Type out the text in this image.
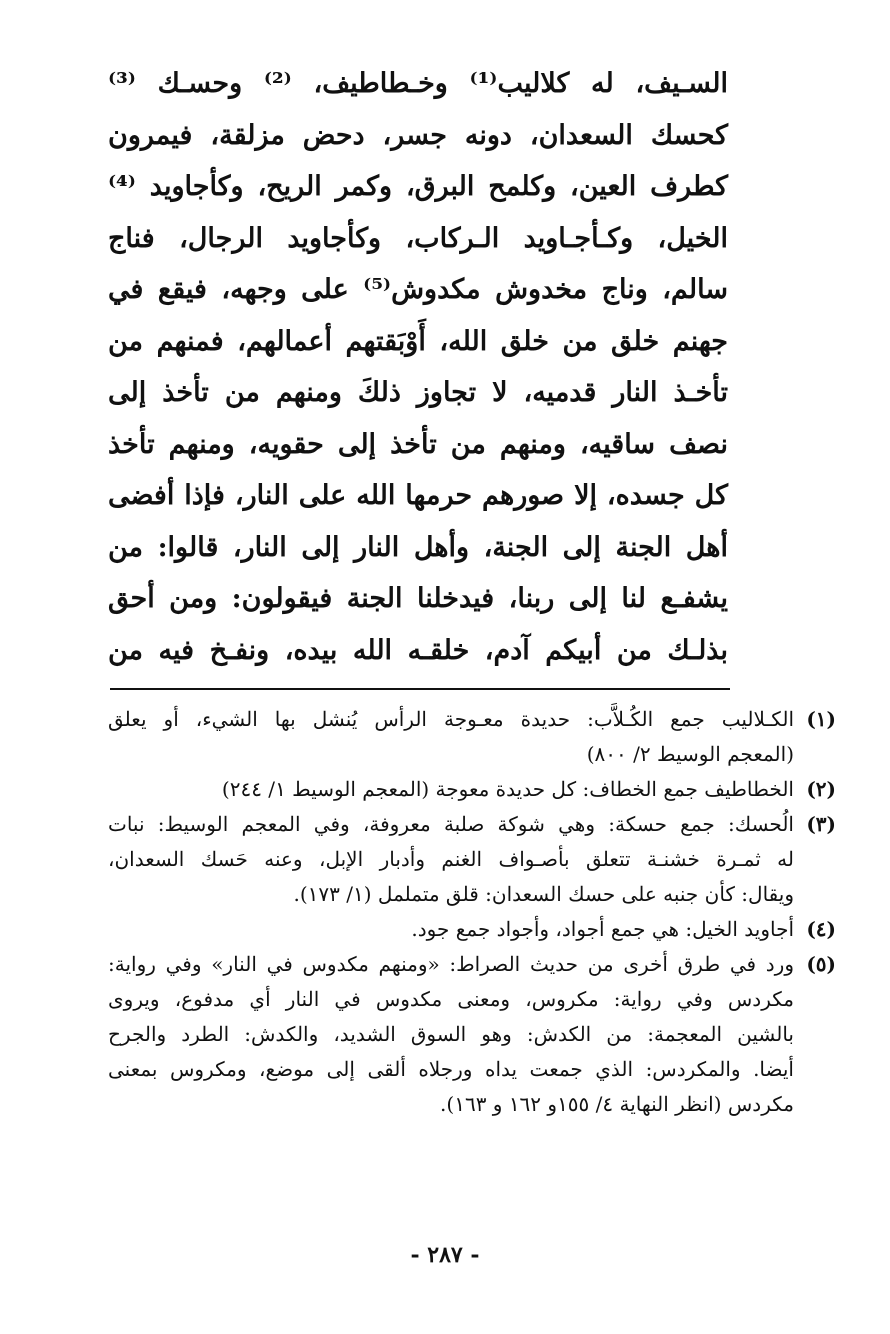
السـيف، له كلاليب⁽¹⁾ وخـطاطيف، ⁽²⁾ وحسـك ⁽³⁾
كحسك السعدان، دونه جسر، دحض مزلقة، فيمرون
كطرف العين، وكلمح البرق، وكمر الريح، وكأجاويد ⁽⁴⁾
الخيل، وكـأجـاويد الـركاب، وكأجاويد الرجال، فناج
سالم، وناج مخدوش مكدوش⁽⁵⁾ على وجهه، فيقع في
جهنم خلق من خلق الله، أَوْبَقتهم أعمالهم، فمنهم من
تأخـذ النار قدميه، لا تجاوز ذلكَ ومنهم من تأخذ إلى
نصف ساقيه، ومنهم من تأخذ إلى حقويه، ومنهم تأخذ
كل جسده، إلا صورهم حرمها الله على النار، فإذا أفضى
أهل الجنة إلى الجنة، وأهل النار إلى النار، قالوا: من
يشفـع لنا إلى ربنا، فيدخلنا الجنة فيقولون: ومن أحق
بذلـك من أبيكم آدم، خلقـه الله بيده، ونفـخ فيه من
(١)
الكـلاليب جمع الكُـلاَّب: حديدة معـوجة الرأس يُنشل بها الشيء، أو يعلق
(المعجم الوسيط ٢/ ٨٠٠)
(٢)
الخطاطيف جمع الخطاف: كل حديدة معوجة (المعجم الوسيط ١/ ٢٤٤)
(٣)
الُحسك: جمع حسكة: وهي شوكة صلبة معروفة، وفي المعجم الوسيط: نبات
له ثمـرة خشنـة تتعلق بأصـواف الغنم وأدبار الإبل، وعنه حَسك السعدان،
ويقال: كأن جنبه على حسك السعدان: قلق متململ (١/ ١٧٣).
(٤)
أجاويد الخيل: هي جمع أجواد، وأجواد جمع جود.
(٥)
ورد في طرق أخرى من حديث الصراط: «ومنهم مكدوس في النار» وفي رواية:
مكردس وفي رواية: مكروس، ومعنى مكدوس في النار أي مدفوع، ويروى
بالشين المعجمة: من الكدش: وهو السوق الشديد، والكدش: الطرد والجرح
أيضا. والمكردس: الذي جمعت يداه ورجلاه ألقى إلى موضع، ومكروس بمعنى
مكردس (انظر النهاية ٤/ ١٥٥و ١٦٢ و ١٦٣).
- ٢٨٧ -
